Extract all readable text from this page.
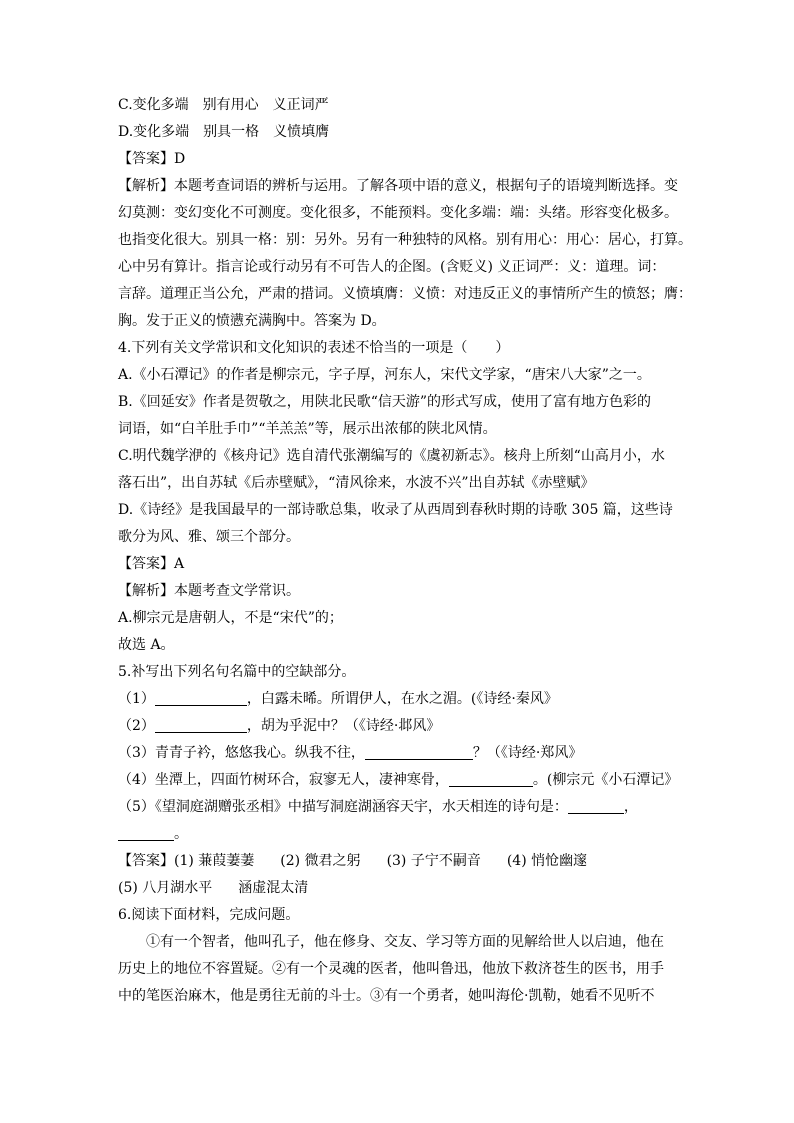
C.变化多端　别有用心　义正词严
D.变化多端　别具一格　义愤填膺
【答案】D
【解析】本题考查词语的辨析与运用。了解各项中语的意义，根据句子的语境判断选择。变
幻莫测：变幻变化不可测度。变化很多，不能预料。变化多端：端：头绪。形容变化极多。
也指变化很大。别具一格：别：另外。另有一种独特的风格。别有用心：用心：居心，打算。
心中另有算计。指言论或行动另有不可告人的企图。(含贬义) 义正词严：义：道理。词：
言辞。道理正当公允，严肃的措词。义愤填膺：义愤：对违反正义的事情所产生的愤怒；膺：
胸。发于正义的愤懑充满胸中。答案为 D。
4.下列有关文学常识和文化知识的表述不恰当的一项是（　　）
A.《小石潭记》的作者是柳宗元，字子厚，河东人，宋代文学家，“唐宋八大家”之一。
B.《回延安》作者是贺敬之，用陕北民歌“信天游”的形式写成，使用了富有地方色彩的
词语，如“白羊肚手巾”“羊羔羔”等，展示出浓郁的陕北风情。
C.明代魏学洢的《核舟记》选自清代张潮编写的《虞初新志》。核舟上所刻“山高月小，水
落石出”，出自苏轼《后赤壁赋》，“清风徐来，水波不兴”出自苏轼《赤壁赋》
D.《诗经》是我国最早的一部诗歌总集，收录了从西周到春秋时期的诗歌 305 篇，这些诗
歌分为风、雅、颂三个部分。
【答案】A
【解析】本题考查文学常识。
A.柳宗元是唐朝人，不是“宋代”的；
故选 A。
5.补写出下列名句名篇中的空缺部分。
（1）	，白露未晞。所谓伊人，在水之湄。(《诗经·秦风》
（2）	，胡为乎泥中？（《诗经·邶风》
（3）青青子衿，悠悠我心。纵我不往，	？（《诗经·郑风》
（4）坐潭上，四面竹树环合，寂寥无人，凄神寒骨，	。(柳宗元《小石潭记》
（5）《望洞庭湖赠张丞相》中描写洞庭湖涵容天宇，水天相连的诗句是：	，
。
【答案】(1) 蒹葭萋萋 (2) 微君之躬 (3) 子宁不嗣音 (4) 悄怆幽邃
(5) 八月湖水平 涵虚混太清
6.阅读下面材料，完成问题。
①有一个智者，他叫孔子，他在修身、交友、学习等方面的见解给世人以启迪，他在
历史上的地位不容置疑。②有一个灵魂的医者，他叫鲁迅，他放下救济苍生的医书，用手
中的笔医治麻木，他是勇往无前的斗士。③有一个勇者，她叫海伦·凯勒，她看不见听不
